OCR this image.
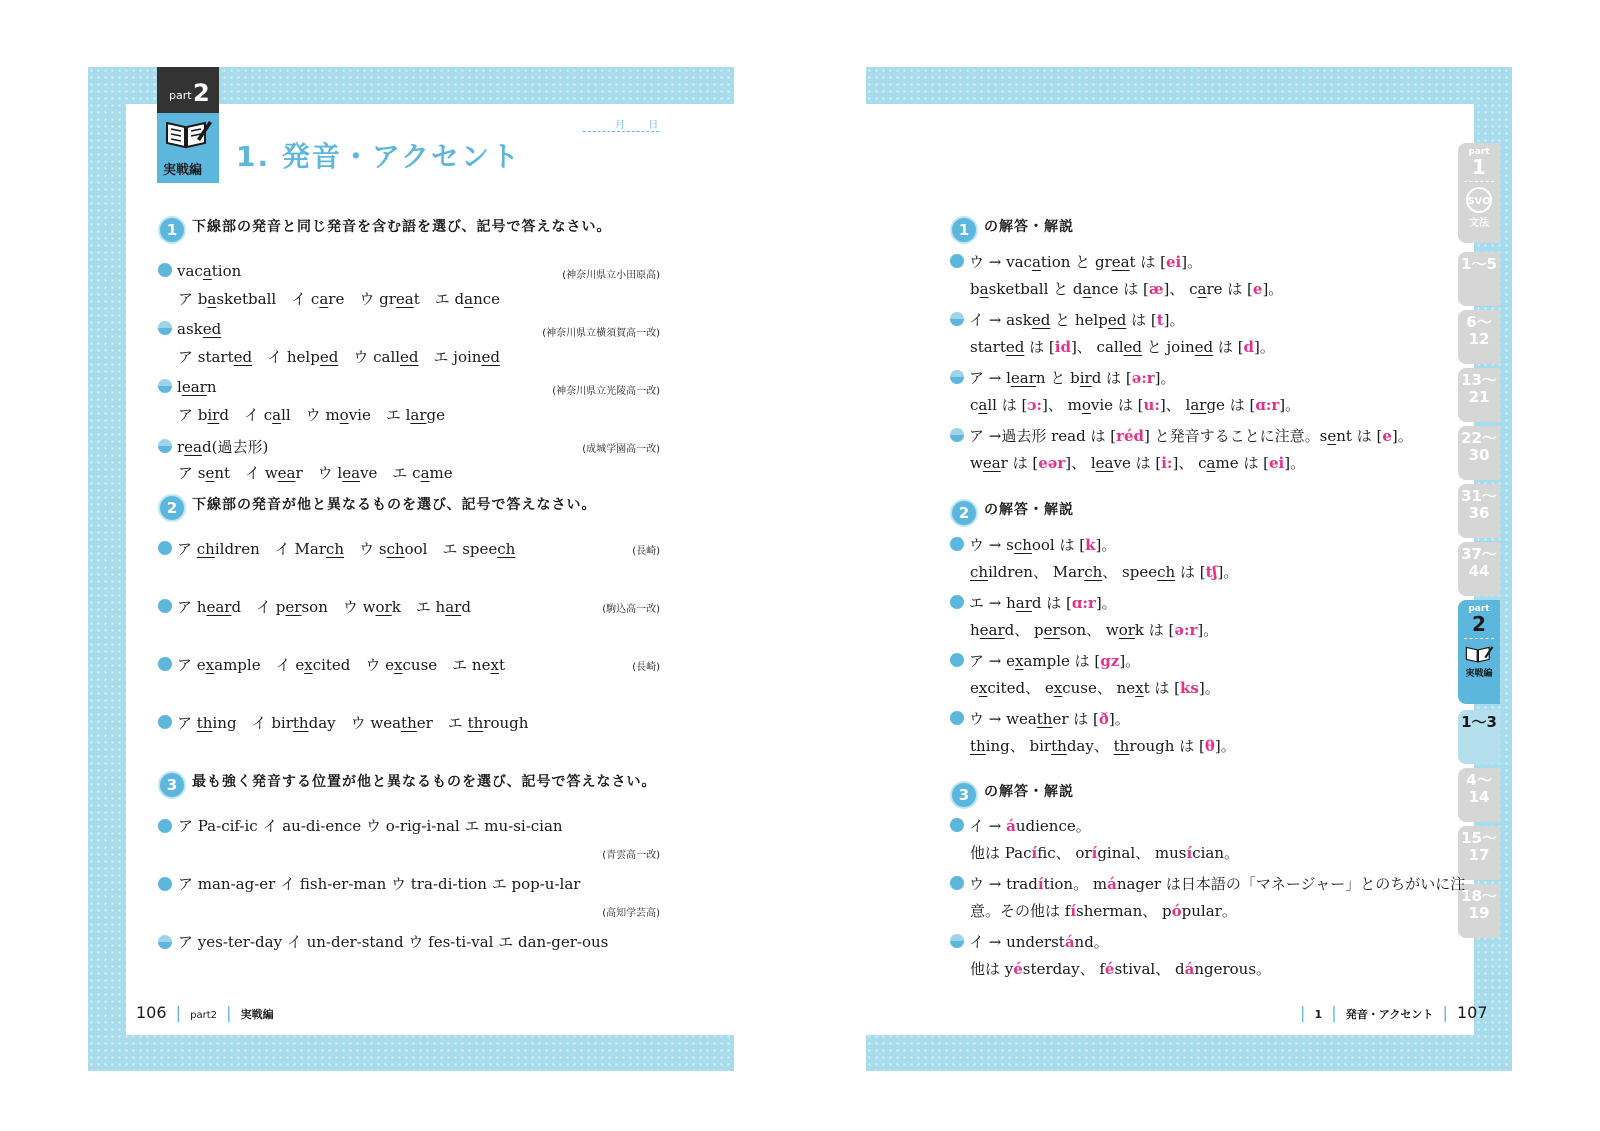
part 2
実戦編 1. 発音・アクセント
月 日
1 下線部の発音と同じ発音を含む語を選び、記号で答えなさい。
vacation	(神奈川県立小田原高)
ア basketball　イ care　ウ great　エ dance
asked	(神奈川県立横須賀高一改)
ア started　イ helped　ウ called　エ joined
learn	(神奈川県立光陵高一改)
ア bird　イ call　ウ movie　エ large
read(過去形)	(成城学園高一改)
ア sent　イ wear　ウ leave　エ came
2 下線部の発音が他と異なるものを選び、記号で答えなさい。
ア children　イ March　ウ school　エ speech	(長崎)
ア heard　イ person　ウ work　エ hard	(駒込高一改)
ア example　イ excited　ウ excuse　エ next	(長崎)
ア thing　イ birthday　ウ weather　エ through
3 最も強く発音する位置が他と異なるものを選び、記号で答えなさい。
ア Pa-cif-ic イ au-di-ence ウ o-rig-i-nal エ mu-si-cian
(青雲高一改)
ア man-ag-er イ fish-er-man ウ tra-di-tion エ pop-u-lar
(高知学芸高)
ア yes-ter-day イ un-der-stand ウ fes-ti-val エ dan-ger-ous
106 | part2 | 実戦編
part
1
SVO
文法
1〜5
6〜12
13〜21
22〜30
31〜36
37〜44
part
2
実戦編
1〜3
4〜14
15〜17
18〜19
1 の解答・解説
ウ → vacation と great は [ei]。
basketball と dance は [æ]、 care は [e]。
イ → asked と helped は [t]。
started は [id]、 called と joined は [d]。
ア → learn と bird は [ə:r]。
call は [ɔ:]、 movie は [u:]、 large は [ɑ:r]。
ア →過去形 read は [réd] と発音することに注意。sent は [e]。
wear は [eər]、 leave は [i:]、 came は [ei]。
2 の解答・解説
ウ → school は [k]。
children、 March、 speech は [tʃ]。
エ → hard は [ɑ:r]。
heard、 person、 work は [ə:r]。
ア → example は [gz]。
excited、 excuse、 next は [ks]。
ウ → weather は [ð]。
thing、 birthday、 through は [θ]。
3 の解答・解説
イ → áudience。
他は Pacífic、 oríginal、 musícian。
ウ → tradítion。 mánager は日本語の「マネージャー」とのちがいに注
意。その他は físherman、 pópular。
イ → understánd。
他は yésterday、 féstival、 dángerous。
| 1 | 発音・アクセント | 107
